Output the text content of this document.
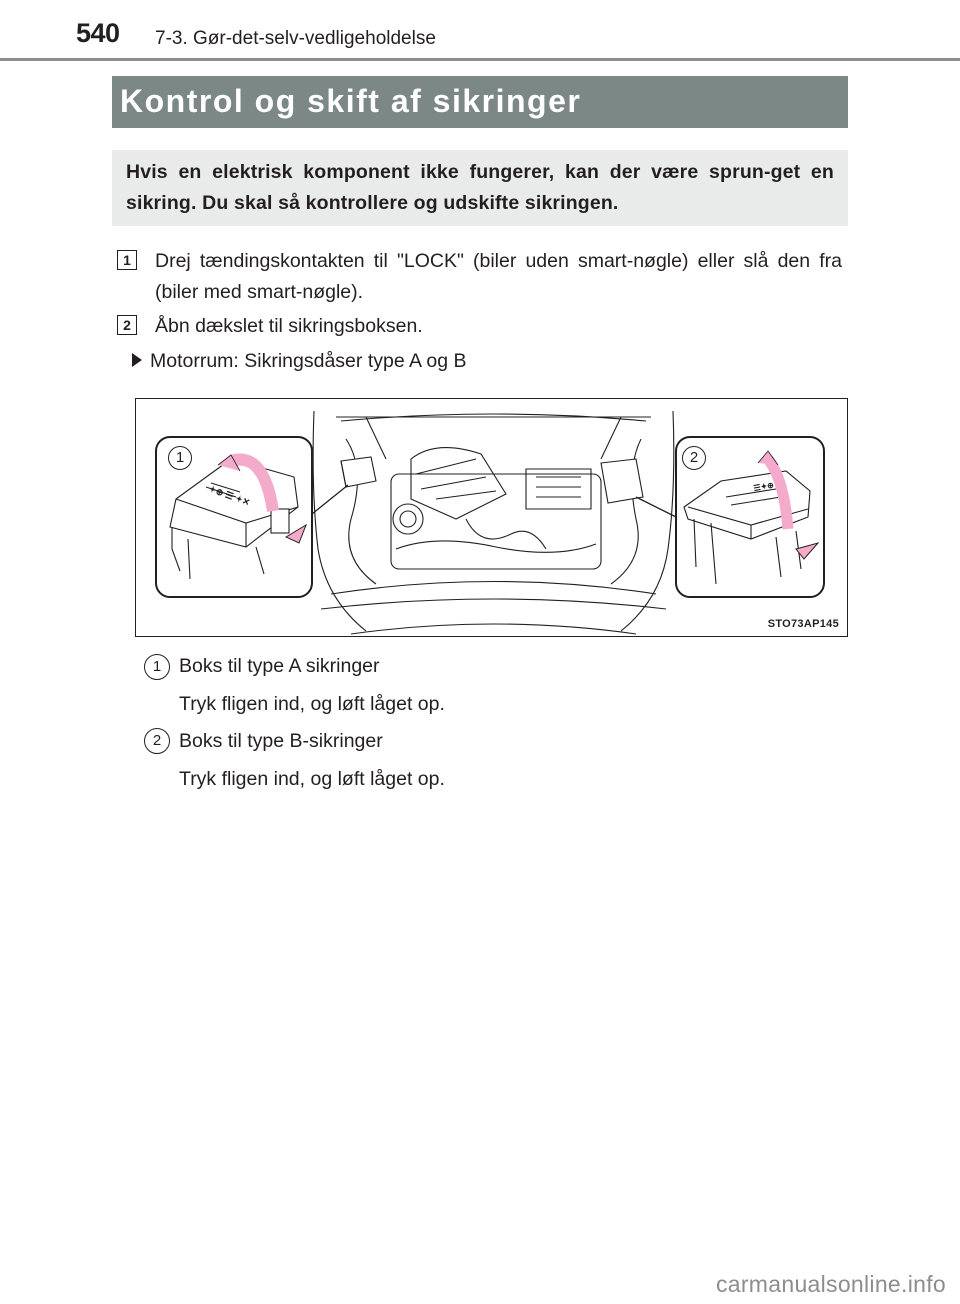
540 7-3. Gør-det-selv-vedligeholdelse
Kontrol og skift af sikringer
Hvis en elektrisk komponent ikke fungerer, kan der være sprun-get en sikring. Du skal så kontrollere og udskifte sikringen.
1	Drej tændingskontakten til "LOCK" (biler uden smart-nøgle) eller slå den fra (biler med smart-nøgle).
2	Åbn dækslet til sikringsboksen.
Motorrum: Sikringsdåser type A og B
✦⊕ ☰ ✦✕	☰✦⊕
1	2
STO73AP145
1 Boks til type A sikringer
Tryk fligen ind, og løft låget op.
2 Boks til type B-sikringer
Tryk fligen ind, og løft låget op.
carmanualsonline.info
